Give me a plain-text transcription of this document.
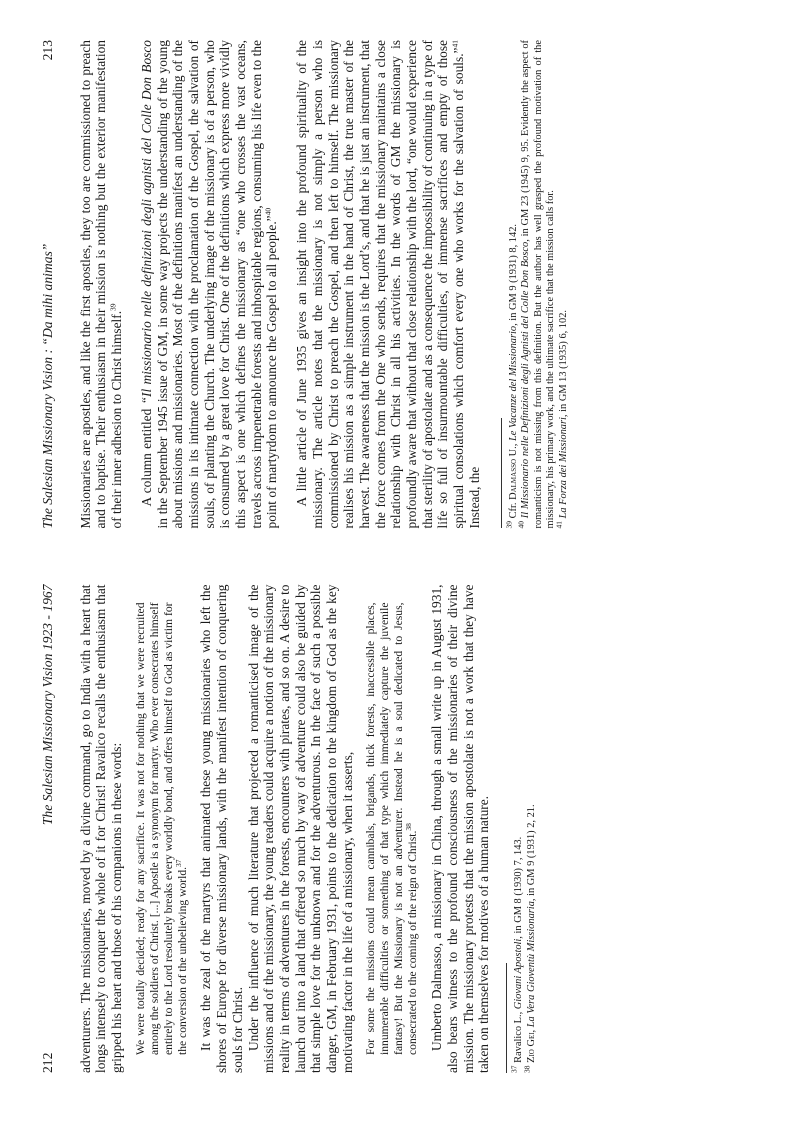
212
The Salesian Missionary Vision 1923 - 1967 adventurers. The missionaries, moved by a divine command, go to India with a heart that longs intensely to conquer the whole of it for Christ! Ravalico recalls the enthusiasm that gripped his heart and those of his companions in these words: We were totally decided; ready for any sacrifice. It was not for nothing that we were recruited among the soldiers of Christ. [...] Apostle is a synonym for martyr. Who ever consecrates himself entirely to the Lord resolutely breaks every worldly bond, and offers himself to God as victim for the conversion of the unbelieving world.$^{37}$	It was the zeal of the martyrs that animated these young missionaries who left the shores of Europe for diverse missionary lands, with the manifest intention of conquering souls for Christ. Under the influence of much literature that projected a romanticised image of the missions and of the missionary, the young readers could acquire a notion of the missionary reality in terms of adventures in the forests, encounters with pirates, and so on. A desire to launch out into a land that offered so much by way of adventure could also be guided by that simple love for the unknown and for the adventurous. In the face of such a possible danger, GM, in February 1931, points to the dedication to the kingdom of God as the key motivating factor in the life of a missionary, when it asserts, For some the missions could mean cannibals, brigands, thick forests, inaccessible places, innumerable difficulties or something of that type which immediately capture the juvenile fantasy! But the Missionary is not an adventurer. Instead he is a soul dedicated to Jesus, consecrated to the coming of the reign of Christ.$^{38}$	Umberto Dalmasso, a missionary in China, through a small write up in August 1931, also bears witness to the profound consciousness of the missionaries of their divine mission. The missionary protests that the mission apostolate is not a work that they have taken on themselves for motives of a human nature. $^{37}$ Ravalico L., Giovani Apostoli, in GM 8 (1930) 7, 143.

$^{38}$ Zio Gei, La Vera Gioventù Missionaria, in GM 9 (1931) 2, 21.

The Salesian Missionary Vision : “Da mihi animas”
213 Missionaries are apostles, and like the first apostles, they too are commissioned to preach and to baptise. Their enthusiasm in their mission is nothing but the exterior manifestation of their inner adhesion to Christ himself.$^{39}$

A column entitled “Il missionario nelle definizioni degli agnisti del Colle Don Bosco in the September 1945 issue of GM, in some way projects the understanding of the young about missions and missionaries. Most of the definitions manifest an understanding of the missions in its intimate connection with the proclamation of the Gospel, the salvation of souls, of planting the Church. The underlying image of the missionary is of a person, who is consumed by a great love for Christ. One of the definitions which express more vividly this aspect is one which defines the missionary as “one who crosses the vast oceans, travels across impenetrable forests and inhospitable regions, consuming his life even to the point of martyrdom to announce the Gospel to all people.”$^{40}$	A little article of June 1935 gives an insight into the profound spirituality of the missionary. The article notes that the missionary is not simply a person who is commissioned by Christ to preach the Gospel, and then left to himself. The missionary realises his mission as a simple instrument in the hand of Christ, the true master of the harvest. The awareness that the mission is the Lord’s, and that he is just an instrument, that the force comes from the One who sends, requires that the missionary maintains a close relationship with Christ in all his activities. In the words of GM the missionary is profoundly aware that without that close relationship with the lord, “one would experience that sterility of apostolate and as a consequence the impossibility of continuing in a type of life so full of insurmountable difficulties, of immense sacrifices and empty of those spiritual consolations which comfort every one who works for the salvation of souls.”$^{41}$ Instead, the	$^{39}$ Cfr. Dalmasso U., Le Vacanze del Missionario, in GM 9 (1931) 8, 142.

$^{40}$ Il Missionario nelle Definizioni degli Agnisti del Colle Don Bosco, in GM 23 (1945) 9, 95. Evidently the aspect of romanticism is not missing from this definition. But the author has well grasped the profound motivation of the missionary, his primary work, and the ultimate sacrifice that the mission calls for.

$^{41}$ La Forza dei Missionari, in GM 13 (1935) 6, 102.
